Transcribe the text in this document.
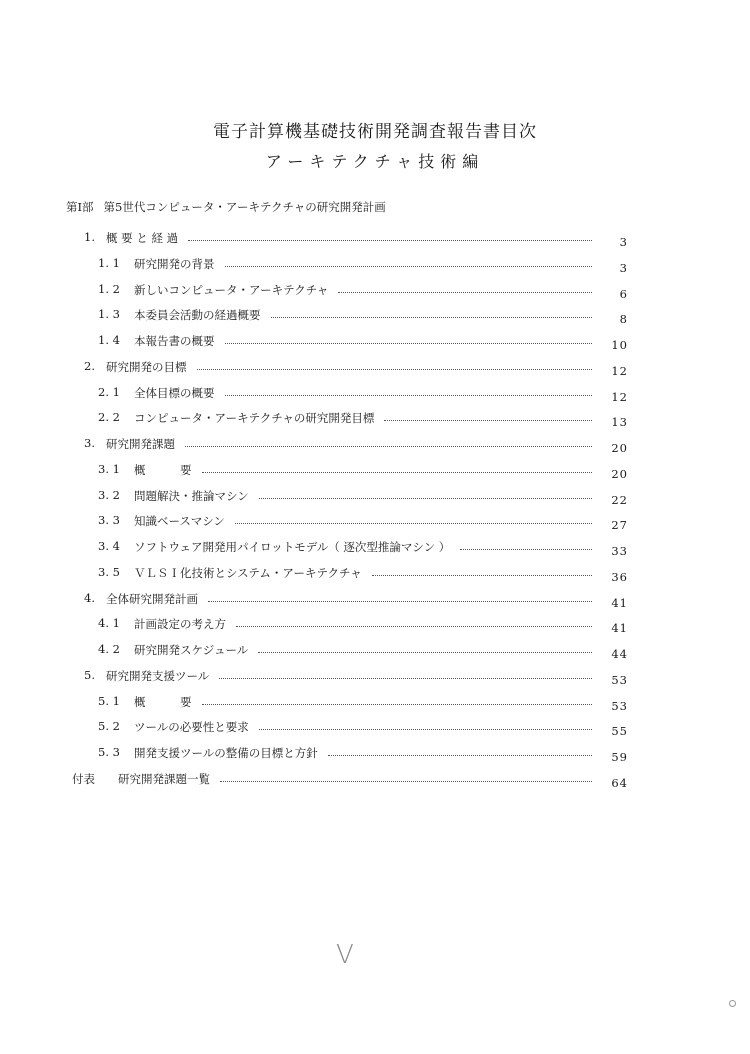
電子計算機基礎技術開発調査報告書目次
アーキテクチャ技術編
第Ⅰ部 第5世代コンピュータ・アーキテクチャの研究開発計画
1. 概 要 と 経 過	3
1. 1 研究開発の背景	3
1. 2 新しいコンピュータ・アーキテクチャ	6
1. 3 本委員会活動の経過概要	8
1. 4 本報告書の概要	10
2. 研究開発の目標	12
2. 1 全体目標の概要	12
2. 2 コンピュータ・アーキテクチャの研究開発目標	13
3. 研究開発課題	20
3. 1 概　　　要	20
3. 2 問題解決・推論マシン	22
3. 3 知識ベースマシン	27
3. 4 ソフトウェア開発用パイロットモデル（ 逐次型推論マシン ）	33
3. 5 ＶＬＳＩ化技術とシステム・アーキテクチャ	36
4. 全体研究開発計画	41
4. 1 計画設定の考え方	41
4. 2 研究開発スケジュール	44
5. 研究開発支援ツール	53
5. 1 概　　　要	53
5. 2 ツールの必要性と要求	55
5. 3 開発支援ツールの整備の目標と方針	59
付表 研究開発課題一覧	64
V
